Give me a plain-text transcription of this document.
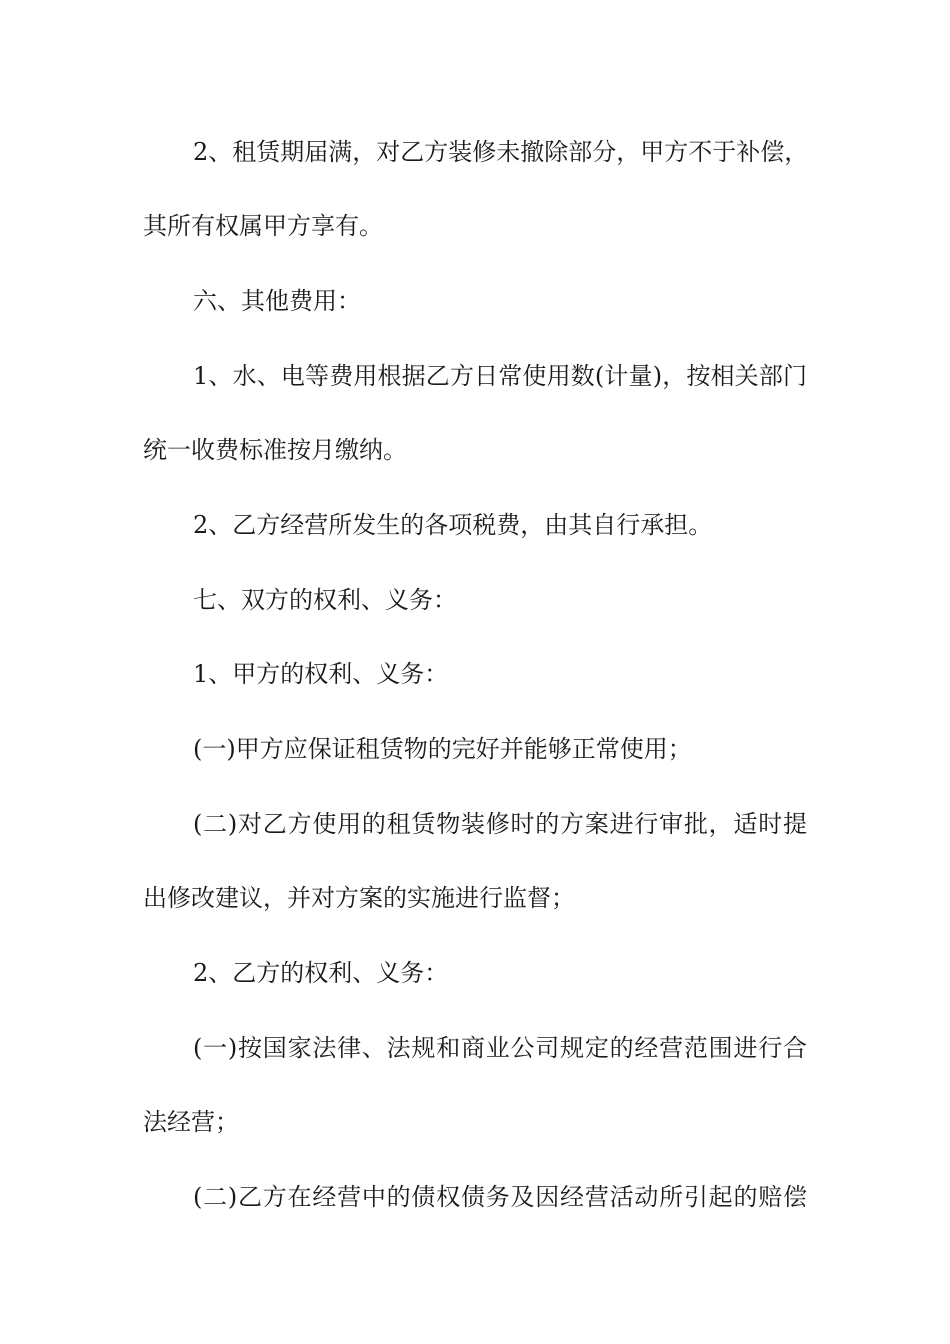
2、租赁期届满，对乙方装修未撤除部分，甲方不于补偿，
其所有权属甲方享有。
六、其他费用：
1、水、电等费用根据乙方日常使用数(计量)，按相关部门
统一收费标准按月缴纳。
2、乙方经营所发生的各项税费，由其自行承担。
七、双方的权利、义务：
1、甲方的权利、义务：
(一)甲方应保证租赁物的完好并能够正常使用；
(二)对乙方使用的租赁物装修时的方案进行审批，适时提
出修改建议，并对方案的实施进行监督；
2、乙方的权利、义务：
(一)按国家法律、法规和商业公司规定的经营范围进行合
法经营；
(二)乙方在经营中的债权债务及因经营活动所引起的赔偿
